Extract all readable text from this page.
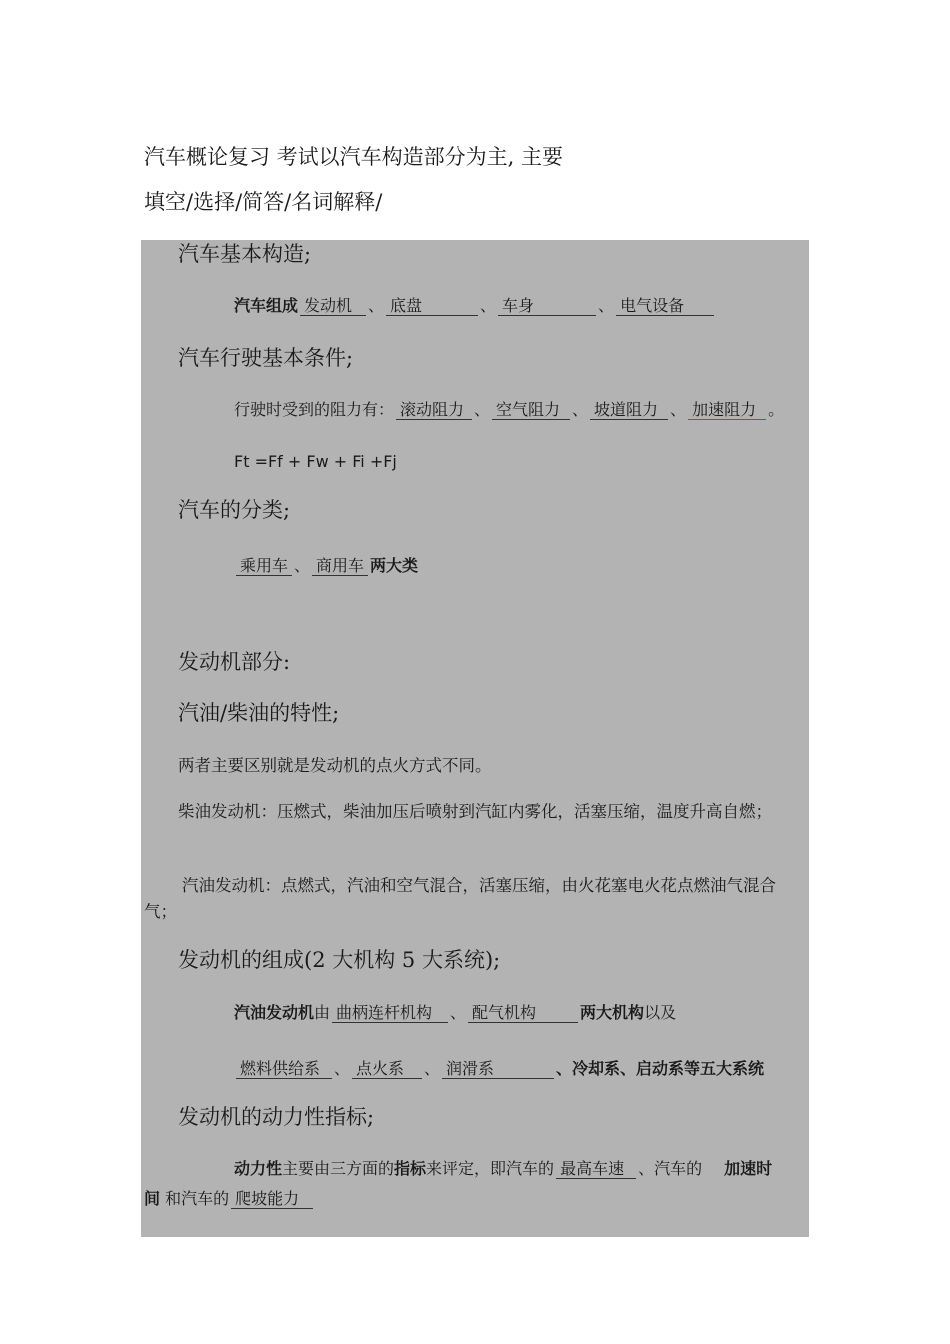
汽车概论复习 考试以汽车构造部分为主, 主要
填空/选择/简答/名词解释/
汽车基本构造;
汽车组成 发动机 、 底盘	、 车身	、 电气设备
汽车行驶基本条件;
行驶时受到的阻力有： 滚动阻力 、 空气阻力 、 坡道阻力 、 加速阻力 。
Ft =Ff + Fw + Fi +Fj
汽车的分类;
乘用车 、 商用车 两大类
发动机部分:
汽油/柴油的特性;
两者主要区别就是发动机的点火方式不同。
柴油发动机：压燃式，柴油加压后喷射到汽缸内雾化，活塞压缩，温度升高自燃；
汽油发动机：点燃式，汽油和空气混合，活塞压缩，由火花塞电火花点燃油气混合气；
发动机的组成(2 大机构 5 大系统);
汽油发动机由 曲柄连杆机构 、 配气机构	两大机构以及
燃料供给系 、 点火系 、 润滑系	、冷却系、启动系等五大系统
发动机的动力性指标;
动力性主要由三方面的指标来评定，即汽车的 最高车速 、汽车的 加速时
间 和汽车的 爬坡能力
